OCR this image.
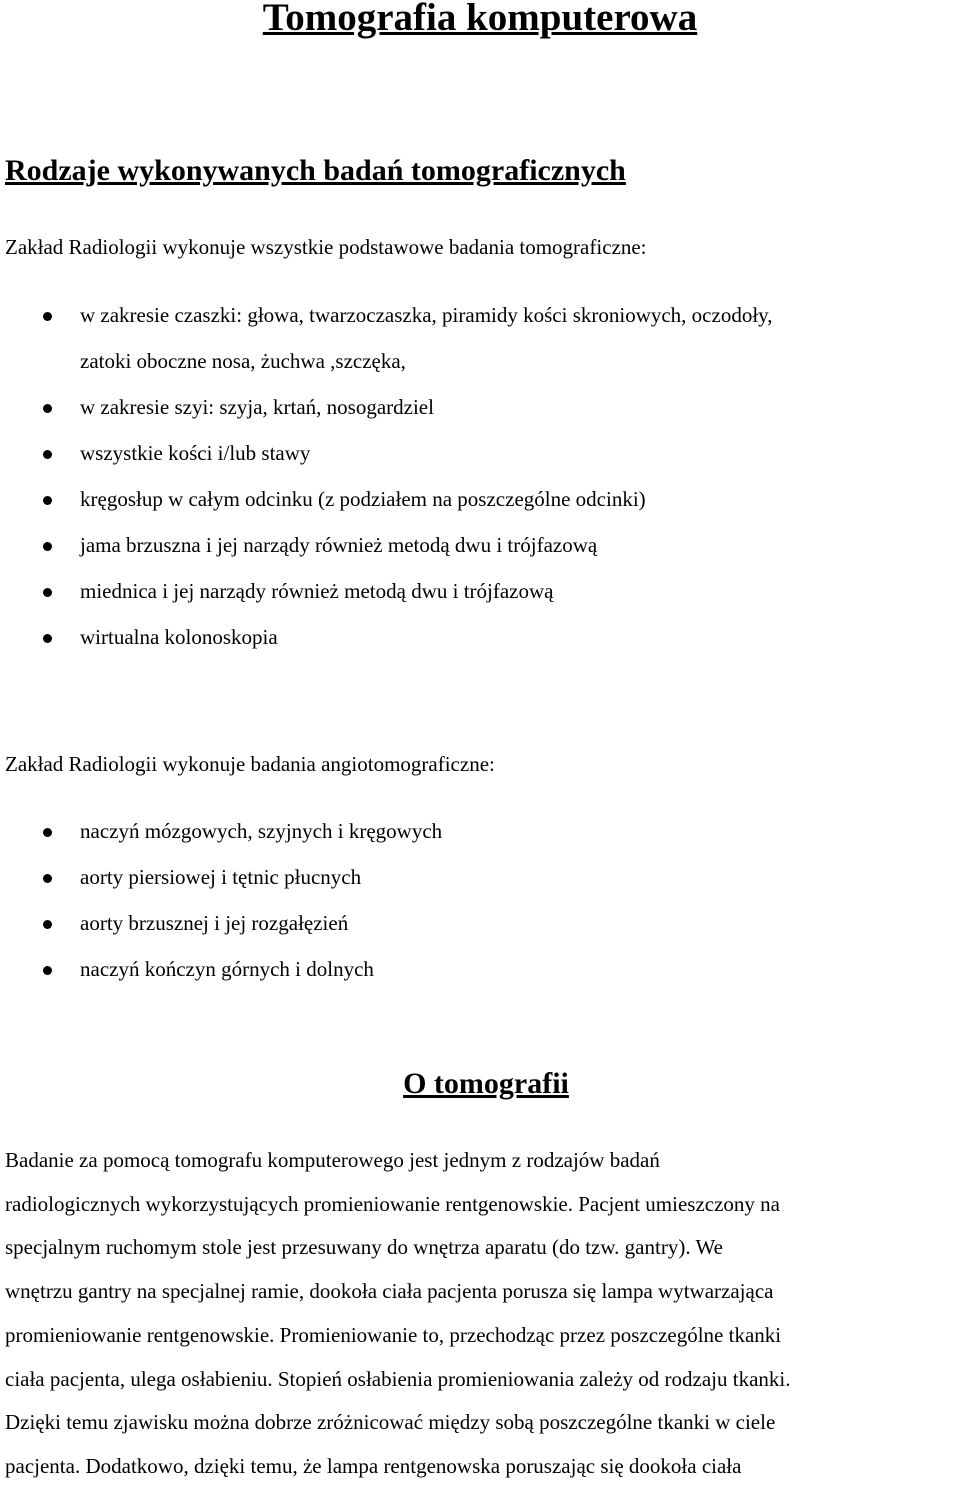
Tomografia komputerowa
Rodzaje wykonywanych badań tomograficznych

Zakład Radiologii wykonuje wszystkie podstawowe badania tomograficzne:

w zakresie czaszki: głowa, twarzoczaszka, piramidy kości skroniowych, oczodoły,
zatoki oboczne nosa, żuchwa ,szczęka,
w zakresie szyi: szyja, krtań, nosogardziel
wszystkie kości i/lub stawy
kręgosłup w całym odcinku (z podziałem na poszczególne odcinki)
jama brzuszna i jej narządy również metodą dwu i trójfazową
miednica i jej narządy również metodą dwu i trójfazową
wirtualna kolonoskopia

Zakład Radiologii wykonuje badania angiotomograficzne:

naczyń mózgowych, szyjnych i kręgowych
aorty piersiowej i tętnic płucnych
aorty brzusznej i jej rozgałęzień
naczyń kończyn górnych i dolnych
O tomografii

Badanie za pomocą tomografu komputerowego jest jednym z rodzajów badań
radiologicznych wykorzystujących promieniowanie rentgenowskie. Pacjent umieszczony na
specjalnym ruchomym stole jest przesuwany do wnętrza aparatu (do tzw. gantry). We
wnętrzu gantry na specjalnej ramie, dookoła ciała pacjenta porusza się lampa wytwarzająca
promieniowanie rentgenowskie. Promieniowanie to, przechodząc przez poszczególne tkanki
ciała pacjenta, ulega osłabieniu. Stopień osłabienia promieniowania zależy od rodzaju tkanki.
Dzięki temu zjawisku można dobrze zróżnicować między sobą poszczególne tkanki w ciele
pacjenta. Dodatkowo, dzięki temu, że lampa rentgenowska poruszając się dookoła ciała
